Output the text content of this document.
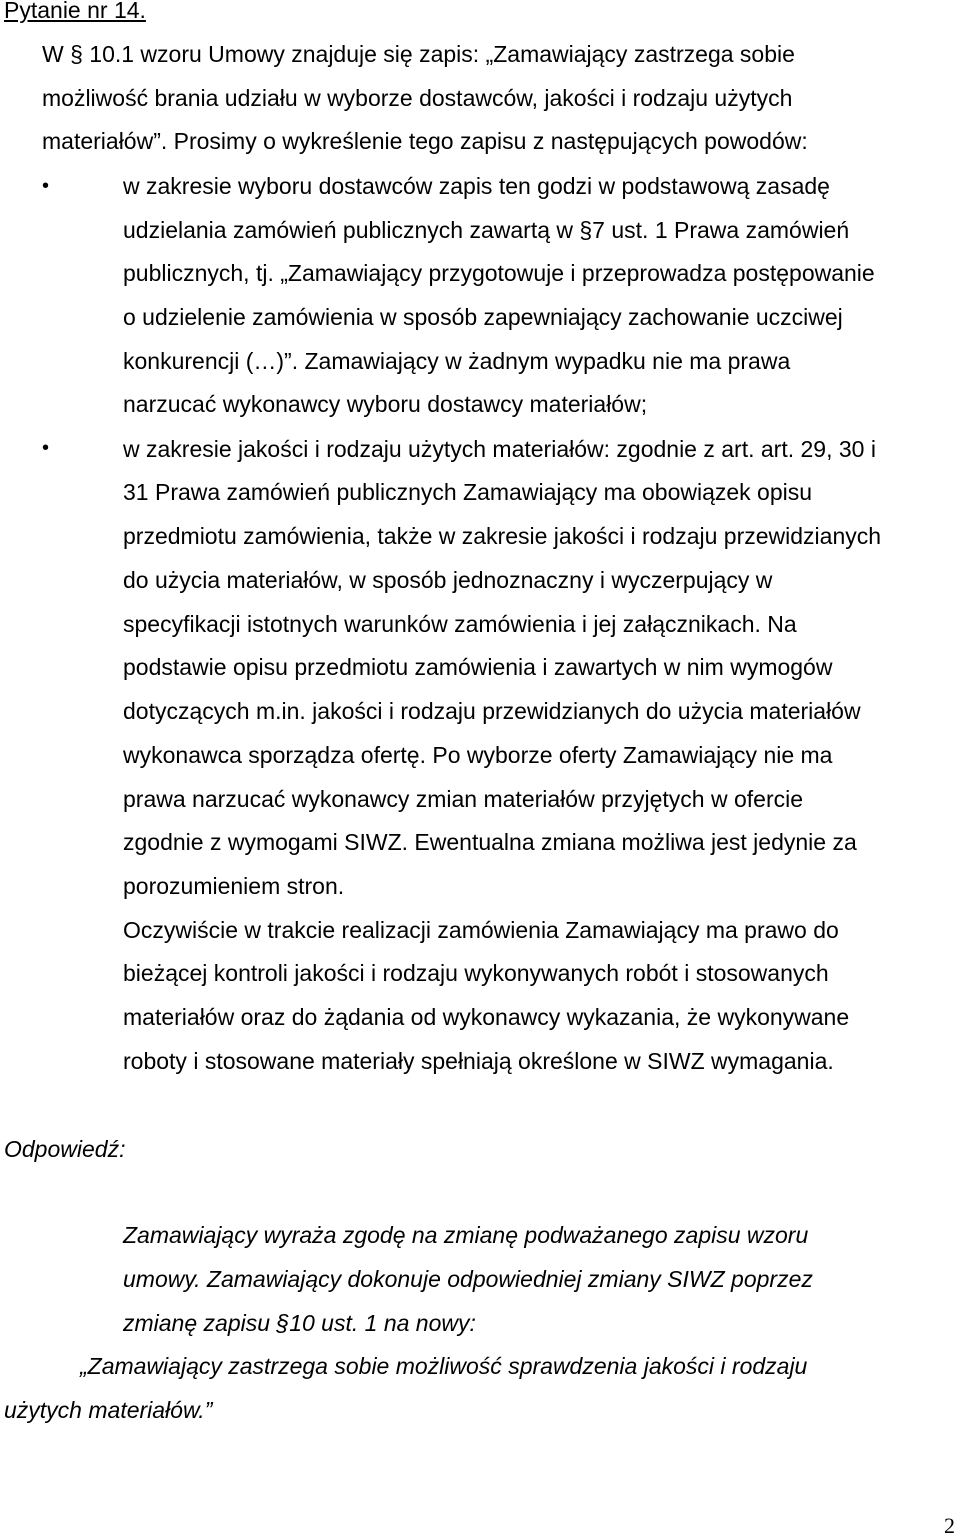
Pytanie nr 14.
W § 10.1 wzoru Umowy znajduje się zapis: „Zamawiający zastrzega sobie
możliwość brania udziału w wyborze dostawców, jakości i rodzaju użytych
materiałów”. Prosimy o wykreślenie tego zapisu z następujących powodów:
•	w zakresie wyboru dostawców zapis ten godzi w podstawową zasadę
udzielania zamówień publicznych zawartą w §7 ust. 1 Prawa zamówień
publicznych, tj. „Zamawiający przygotowuje i przeprowadza postępowanie
o udzielenie zamówienia w sposób zapewniający zachowanie uczciwej
konkurencji (…)”. Zamawiający w żadnym wypadku nie ma prawa
narzucać wykonawcy wyboru dostawcy materiałów;
•	w zakresie jakości i rodzaju użytych materiałów: zgodnie z art. art. 29, 30 i
31 Prawa zamówień publicznych Zamawiający ma obowiązek opisu
przedmiotu zamówienia, także w zakresie jakości i rodzaju przewidzianych
do użycia materiałów, w sposób jednoznaczny i wyczerpujący w
specyfikacji istotnych warunków zamówienia i jej załącznikach. Na
podstawie opisu przedmiotu zamówienia i zawartych w nim wymogów
dotyczących m.in. jakości i rodzaju przewidzianych do użycia materiałów
wykonawca sporządza ofertę. Po wyborze oferty Zamawiający nie ma
prawa narzucać wykonawcy zmian materiałów przyjętych w ofercie
zgodnie z wymogami SIWZ. Ewentualna zmiana możliwa jest jedynie za
porozumieniem stron.
Oczywiście w trakcie realizacji zamówienia Zamawiający ma prawo do
bieżącej kontroli jakości i rodzaju wykonywanych robót i stosowanych
materiałów oraz do żądania od wykonawcy wykazania, że wykonywane
roboty i stosowane materiały spełniają określone w SIWZ wymagania.
Odpowiedź:
Zamawiający wyraża zgodę na zmianę podważanego zapisu wzoru
umowy. Zamawiający dokonuje odpowiedniej zmiany SIWZ poprzez
zmianę zapisu §10 ust. 1 na nowy:
„Zamawiający zastrzega sobie możliwość sprawdzenia jakości i rodzaju
użytych materiałów.”
2
